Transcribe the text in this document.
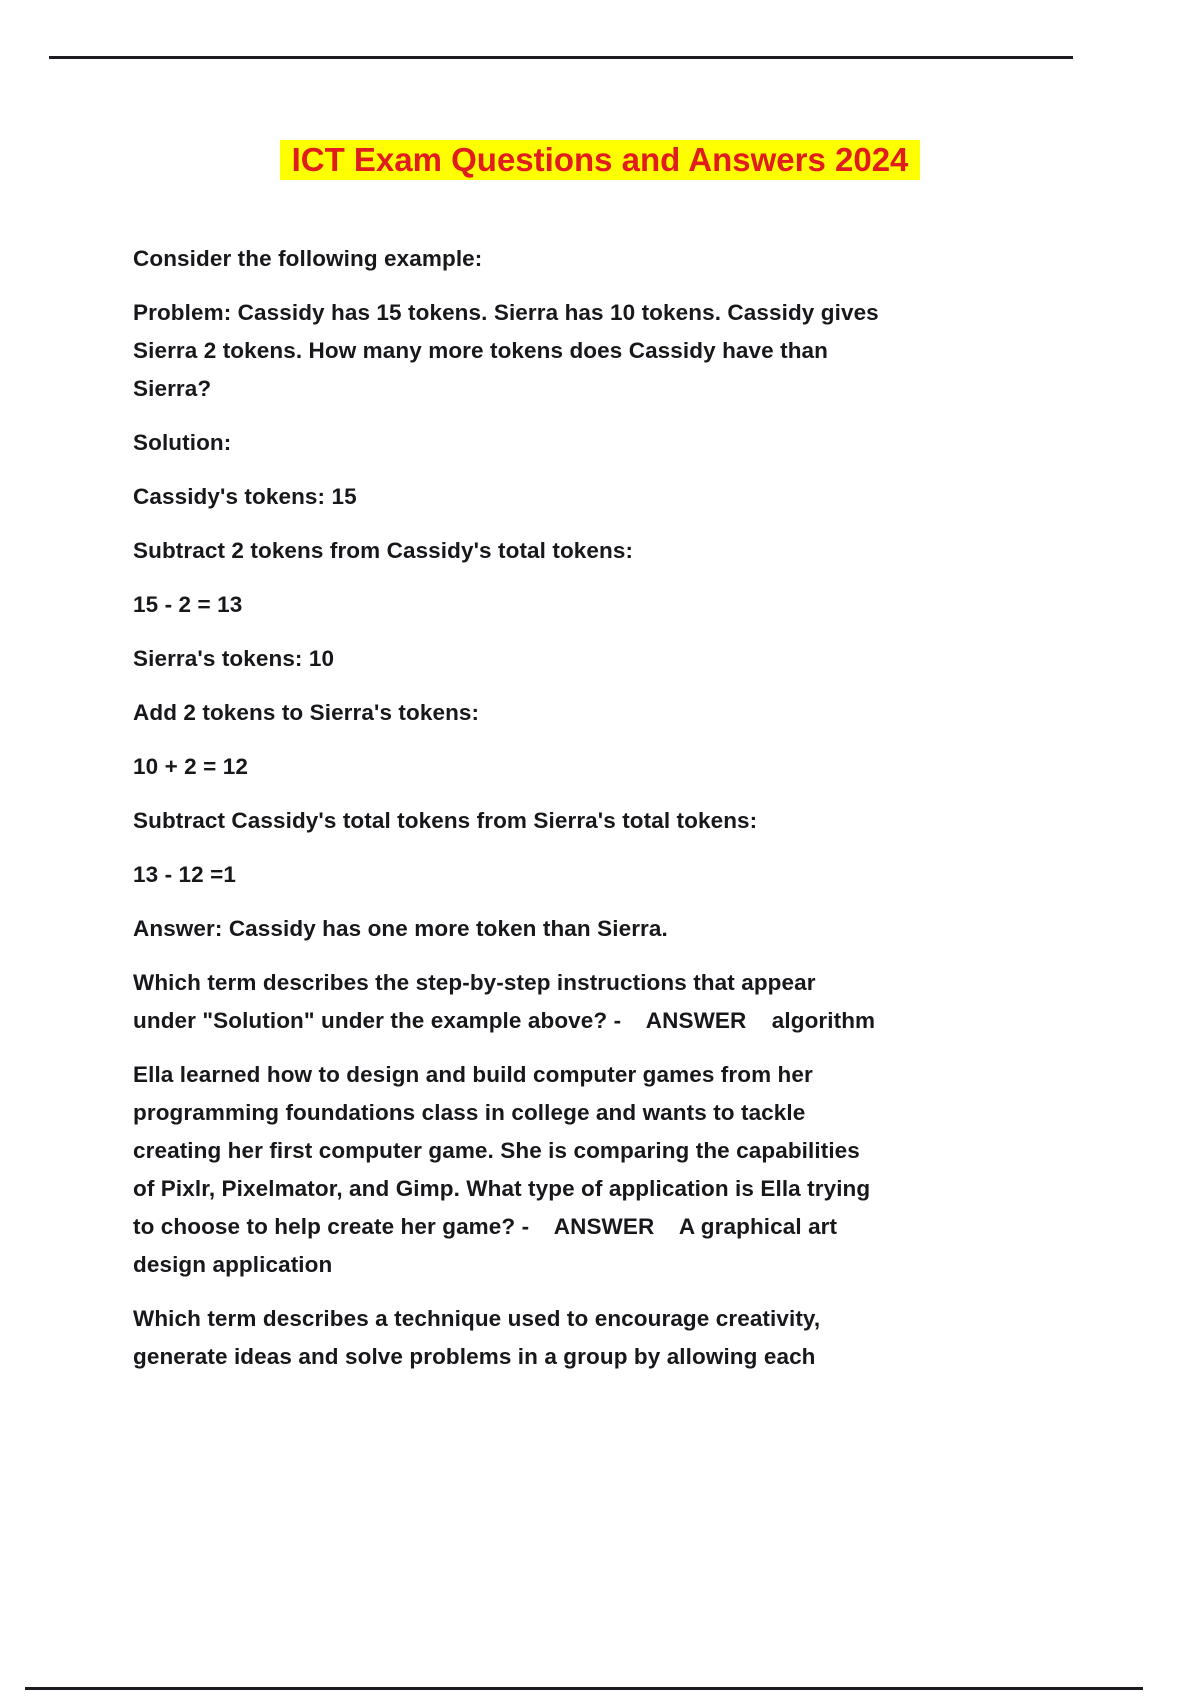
ICT Exam Questions and Answers 2024

Consider the following example:

Problem: Cassidy has 15 tokens. Sierra has 10 tokens. Cassidy gives
Sierra 2 tokens. How many more tokens does Cassidy have than
Sierra?

Solution:

Cassidy's tokens: 15

Subtract 2 tokens from Cassidy's total tokens:

15 - 2 = 13

Sierra's tokens: 10

Add 2 tokens to Sierra's tokens:

10 + 2 = 12

Subtract Cassidy's total tokens from Sierra's total tokens:

13 - 12 =1

Answer: Cassidy has one more token than Sierra.

Which term describes the step-by-step instructions that appear
under "Solution" under the example above? -    ANSWER    algorithm

Ella learned how to design and build computer games from her
programming foundations class in college and wants to tackle
creating her first computer game. She is comparing the capabilities
of Pixlr, Pixelmator, and Gimp. What type of application is Ella trying
to choose to help create her game? -    ANSWER    A graphical art
design application

Which term describes a technique used to encourage creativity,
generate ideas and solve problems in a group by allowing each
